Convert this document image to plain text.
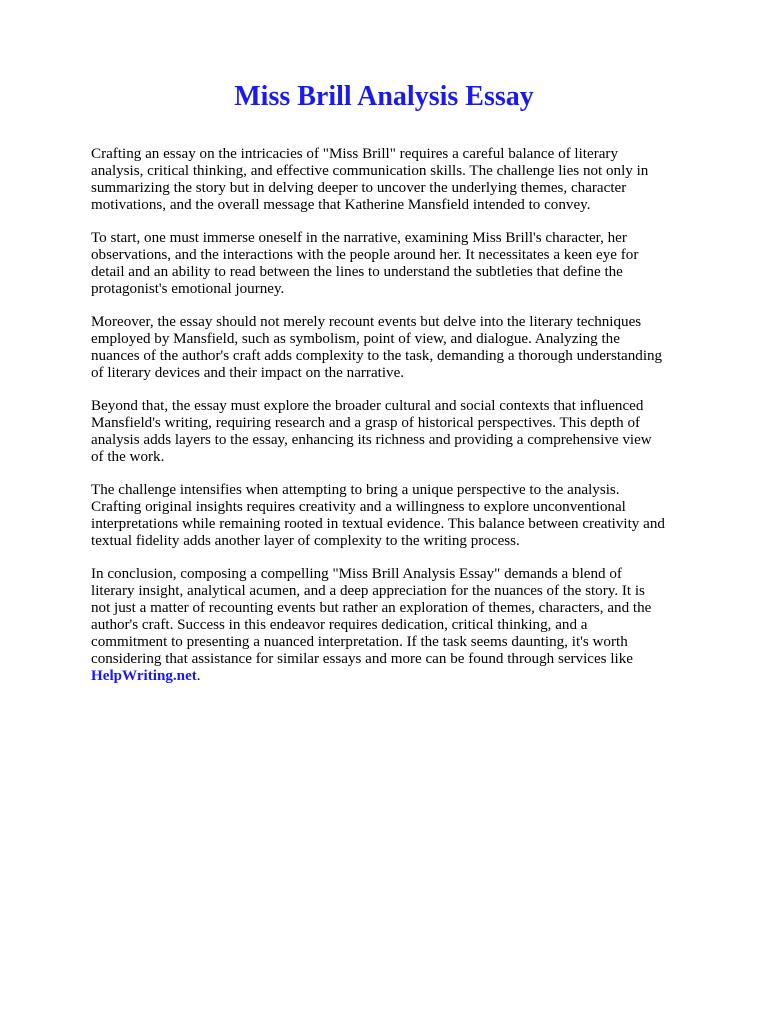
Miss Brill Analysis Essay

Crafting an essay on the intricacies of "Miss Brill" requires a careful balance of literary analysis, critical thinking, and effective communication skills. The challenge lies not only in summarizing the story but in delving deeper to uncover the underlying themes, character motivations, and the overall message that Katherine Mansfield intended to convey.

To start, one must immerse oneself in the narrative, examining Miss Brill's character, her observations, and the interactions with the people around her. It necessitates a keen eye for detail and an ability to read between the lines to understand the subtleties that define the protagonist's emotional journey.

Moreover, the essay should not merely recount events but delve into the literary techniques employed by Mansfield, such as symbolism, point of view, and dialogue. Analyzing the nuances of the author's craft adds complexity to the task, demanding a thorough understanding of literary devices and their impact on the narrative.

Beyond that, the essay must explore the broader cultural and social contexts that influenced Mansfield's writing, requiring research and a grasp of historical perspectives. This depth of analysis adds layers to the essay, enhancing its richness and providing a comprehensive view of the work.

The challenge intensifies when attempting to bring a unique perspective to the analysis. Crafting original insights requires creativity and a willingness to explore unconventional interpretations while remaining rooted in textual evidence. This balance between creativity and textual fidelity adds another layer of complexity to the writing process.

In conclusion, composing a compelling "Miss Brill Analysis Essay" demands a blend of literary insight, analytical acumen, and a deep appreciation for the nuances of the story. It is not just a matter of recounting events but rather an exploration of themes, characters, and the author's craft. Success in this endeavor requires dedication, critical thinking, and a commitment to presenting a nuanced interpretation. If the task seems daunting, it's worth considering that assistance for similar essays and more can be found through services like HelpWriting.net.
